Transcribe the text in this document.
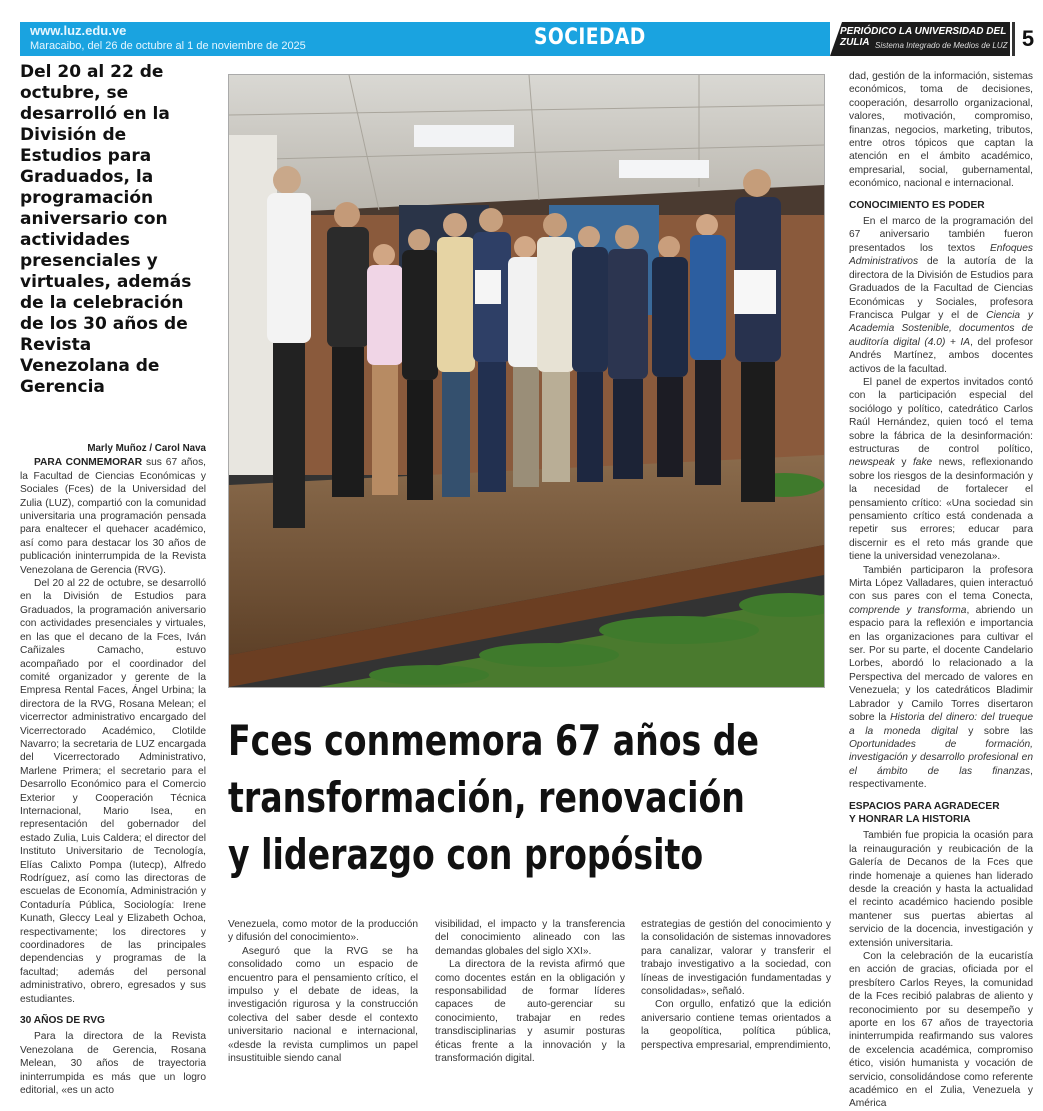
www.luz.edu.ve
Maracaibo, del 26 de octubre al 1 de noviembre de 2025	SOCIEDAD	PERIÓDICO LA UNIVERSIDAD DEL ZULIA Sistema Integrado de Medios de LUZ 5
Del 20 al 22 de octubre, se desarrolló en la División de Estudios para Graduados, la programación aniversario con actividades presenciales y virtuales, además de la celebración de los 30 años de Revista Venezolana de Gerencia
Marly Muñoz / Carol Nava

PARA CONMEMORAR sus 67 años, la Facultad de Ciencias Económicas y Sociales (Fces) de la Universidad del Zulia (LUZ), compartió con la comunidad universitaria una programación pensada para enaltecer el quehacer académico, así como para destacar los 30 años de publicación ininterrumpida de la Revista Venezolana de Gerencia (RVG).

Del 20 al 22 de octubre, se desarrolló en la División de Estudios para Graduados, la programación aniversario con actividades presenciales y virtuales, en las que el decano de la Fces, Iván Cañizales Camacho, estuvo acompañado por el coordinador del comité organizador y gerente de la Empresa Rental Faces, Ángel Urbina; la directora de la RVG, Rosana Melean; el vicerrector administrativo encargado del Vicerrectorado Académico, Clotilde Navarro; la secretaria de LUZ encargada del Vicerrectorado Administrativo, Marlene Primera; el secretario para el Desarrollo Económico para el Comercio Exterior y Cooperación Técnica Internacional, Mario Isea, en representación del gobernador del estado Zulia, Luis Caldera; el director del Instituto Universitario de Tecnología, Elías Calixto Pompa (Iutecp), Alfredo Rodríguez, así como las directoras de escuelas de Economía, Administración y Contaduría Pública, Sociología: Irene Kunath, Gleccy Leal y Elizabeth Ochoa, respectivamente; los directores y coordinadores de las principales dependencias y programas de la facultad; además del personal administrativo, obrero, egresados y sus estudiantes.

30 AÑOS DE RVG

Para la directora de la Revista Venezolana de Gerencia, Rosana Melean, 30 años de trayectoria ininterrumpida es más que un logro editorial, «es un acto

Fces conmemora 67 años de
transformación, renovación
y liderazgo con propósito

Venezuela, como motor de la producción y difusión del conocimiento».

Aseguró que la RVG se ha consolidado como un espacio de encuentro para el pensamiento crítico, el impulso y el debate de ideas, la investigación rigurosa y la construcción colectiva del saber desde el contexto universitario nacional e internacional, «desde la revista cumplimos un papel insustituible siendo canal

visibilidad, el impacto y la transferencia del conocimiento alineado con las demandas globales del siglo XXI».

La directora de la revista afirmó que como docentes están en la obligación y responsabilidad de formar líderes capaces de auto-gerenciar su conocimiento, trabajar en redes transdisciplinarias y asumir posturas éticas frente a la innovación y la transformación digital.

estrategias de gestión del conocimiento y la consolidación de sistemas innovadores para canalizar, valorar y transferir el trabajo investigativo a la sociedad, con líneas de investigación fundamentadas y consolidadas», señaló.

Con orgullo, enfatizó que la edición aniversario contiene temas orientados a la geopolítica, política pública, perspectiva empresarial, emprendimiento,

dad, gestión de la información, sistemas económicos, toma de decisiones, cooperación, desarrollo organizacional, valores, motivación, compromiso, finanzas, negocios, marketing, tributos, entre otros tópicos que captan la atención en el ámbito académico, empresarial, social, gubernamental, económico, nacional e internacional.

CONOCIMIENTO ES PODER

En el marco de la programación del 67 aniversario también fueron presentados los textos Enfoques Administrativos de la autoría de la directora de la División de Estudios para Graduados de la Facultad de Ciencias Económicas y Sociales, profesora Francisca Pulgar y el de Ciencia y Academia Sostenible, documentos de auditoría digital (4.0) + IA, del profesor Andrés Martínez, ambos docentes activos de la facultad.

El panel de expertos invitados contó con la participación especial del sociólogo y político, catedrático Carlos Raúl Hernández, quien tocó el tema sobre la fábrica de la desinformación: estructuras de control político, newspeak y fake news, reflexionando sobre los riesgos de la desinformación y la necesidad de fortalecer el pensamiento crítico: «Una sociedad sin pensamiento crítico está condenada a repetir sus errores; educar para discernir es el reto más grande que tiene la universidad venezolana».

También participaron la profesora Mirta López Valladares, quien interactuó con sus pares con el tema Conecta, comprende y transforma, abriendo un espacio para la reflexión e importancia en las organizaciones para cultivar el ser. Por su parte, el docente Candelario Lorbes, abordó lo relacionado a la Perspectiva del mercado de valores en Venezuela; y los catedráticos Bladimir Labrador y Camilo Torres disertaron sobre la Historia del dinero: del trueque a la moneda digital y sobre las Oportunidades de formación, investigación y desarrollo profesional en el ámbito de las finanzas, respectivamente.

ESPACIOS PARA AGRADECER
Y HONRAR LA HISTORIA

También fue propicia la ocasión para la reinauguración y reubicación de la Galería de Decanos de la Fces que rinde homenaje a quienes han liderado desde la creación y hasta la actualidad el recinto académico haciendo posible mantener sus puertas abiertas al servicio de la docencia, investigación y extensión universitaria.

Con la celebración de la eucaristía en acción de gracias, oficiada por el presbítero Carlos Reyes, la comunidad de la Fces recibió palabras de aliento y reconocimiento por su desempeño y aporte en los 67 años de trayectoria ininterrumpida reafirmando sus valores de excelencia académica, compromiso ético, visión humanista y vocación de servicio, consolidándose como referente académico en el Zulia, Venezuela y América
